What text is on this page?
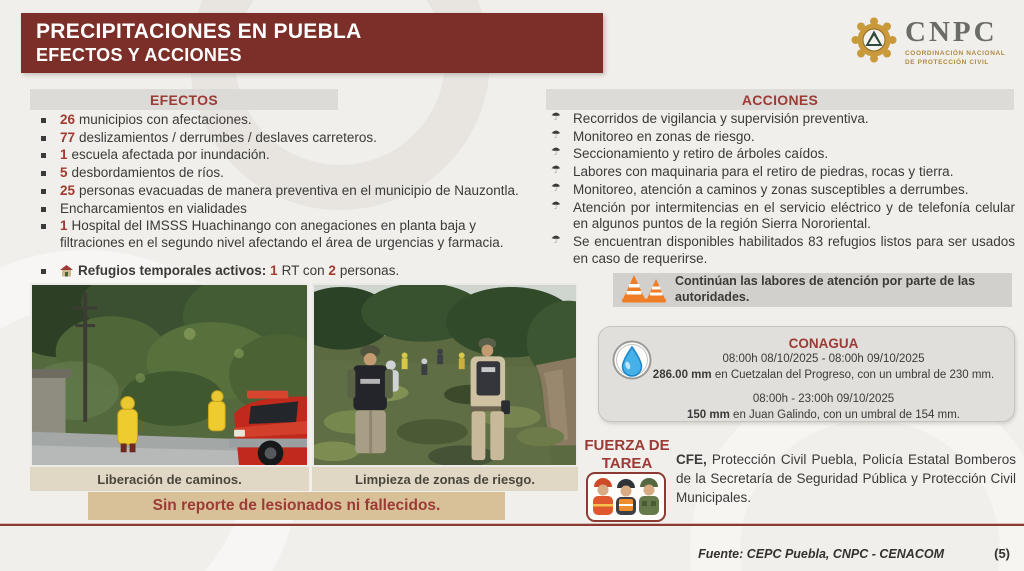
PRECIPITACIONES EN PUEBLA
EFECTOS Y ACCIONES
CNPC
COORDINACIÓN NACIONAL
DE PROTECCIÓN CIVIL
EFECTOS
26 municipios con afectaciones.
77 deslizamientos / derrumbes / deslaves carreteros.
1 escuela afectada por inundación.
5 desbordamientos de ríos.
25 personas evacuadas de manera preventiva en el municipio de Nauzontla.
Encharcamientos en vialidades
1 Hospital del IMSSS Huachinango con anegaciones en planta baja y filtraciones en el segundo nivel afectando el área de urgencias y farmacia.
Refugios temporales activos: 1 RT con 2 personas.
ACCIONES
☂ Recorridos de vigilancia y supervisión preventiva.
☂ Monitoreo en zonas de riesgo.
☂ Seccionamiento y retiro de árboles caídos.
☂ Labores con maquinaria para el retiro de piedras, rocas y tierra.
☂ Monitoreo, atención a caminos y zonas susceptibles a derrumbes.
☂ Atención por intermitencias en el servicio eléctrico y de telefonía celular en algunos puntos de la región Sierra Nororiental.
☂ Se encuentran disponibles habilitados 83 refugios listos para ser usados en caso de requerirse.
Liberación de caminos.	Limpieza de zonas de riesgo.
Sin reporte de lesionados ni fallecidos.
Continúan las labores de atención por parte de las autoridades.
CONAGUA
08:00h 08/10/2025 - 08:00h 09/10/2025
286.00 mm en Cuetzalan del Progreso, con un umbral de 230 mm.
08:00h - 23:00h 09/10/2025
150 mm en Juan Galindo, con un umbral de 154 mm.
FUERZA DE
TAREA	CFE, Protección Civil Puebla, Policía Estatal Bomberos de la Secretaría de Seguridad Pública y Protección Civil Municipales.
Fuente: CEPC Puebla, CNPC - CENACOM	(5)
